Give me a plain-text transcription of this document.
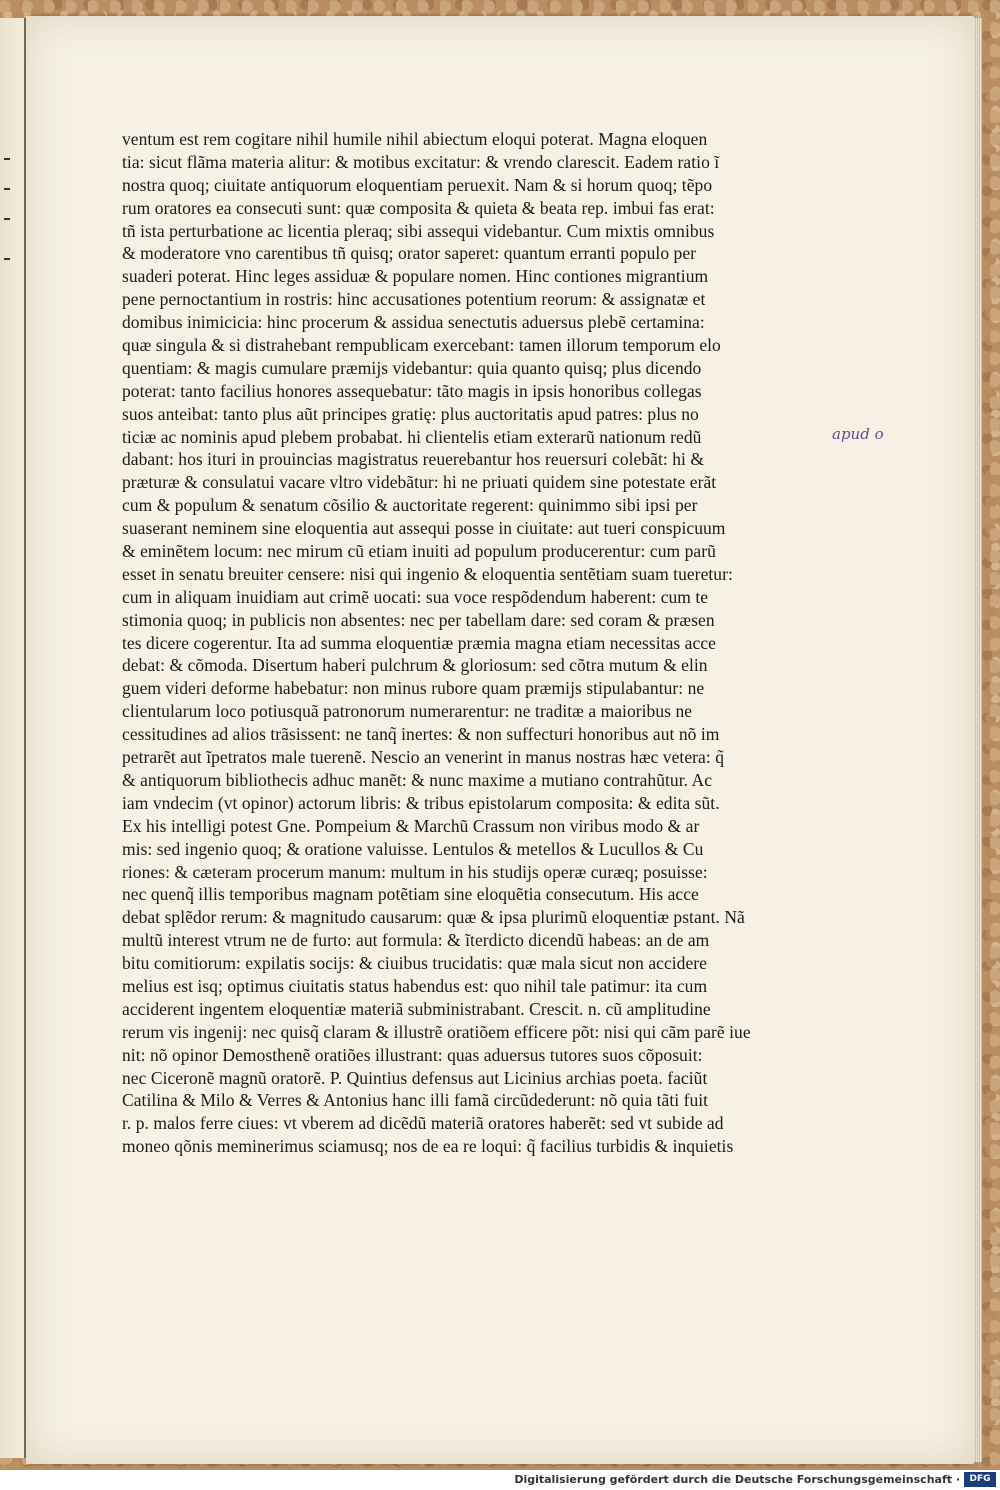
ventum est rem cogitare nihil humile nihil abiectum eloqui poterat. Magna eloquen
tia: sicut flãma materia alitur: & motibus excitatur: & vrendo clarescit. Eadem ratio ĩ
nostra quoq; ciuitate antiquorum eloquentiam peruexit. Nam & si horum quoq; tẽpo
rum oratores ea consecuti sunt: quæ composita & quieta & beata rep. imbui fas erat:
tñ ista perturbatione ac licentia pleraq; sibi assequi videbantur. Cum mixtis omnibus
& moderatore vno carentibus tñ quisq; orator saperet: quantum erranti populo per
suaderi poterat. Hinc leges assiduæ & populare nomen. Hinc contiones migrantium
pene pernoctantium in rostris: hinc accusationes potentium reorum: & assignatæ et
domibus inimicicia: hinc procerum & assidua senectutis aduersus plebẽ certamina:
quæ singula & si distrahebant rempublicam exercebant: tamen illorum temporum elo
quentiam: & magis cumulare præmijs videbantur: quia quanto quisq; plus dicendo
poterat: tanto facilius honores assequebatur: tãto magis in ipsis honoribus collegas
suos anteibat: tanto plus aũt principes gratię: plus auctoritatis apud patres: plus no
ticiæ ac nominis apud plebem probabat. hi clientelis etiam exterarũ nationum redũ
dabant: hos ituri in prouincias magistratus reuerebantur hos reuersuri colebãt: hi &
præturæ & consulatui vacare vltro videbãtur: hi ne priuati quidem sine potestate erãt
cum & populum & senatum cõsilio & auctoritate regerent: quinimmo sibi ipsi per
suaserant neminem sine eloquentia aut assequi posse in ciuitate: aut tueri conspicuum
& eminẽtem locum: nec mirum cũ etiam inuiti ad populum producerentur: cum parũ
esset in senatu breuiter censere: nisi qui ingenio & eloquentia sentẽtiam suam tueretur:
cum in aliquam inuidiam aut crimẽ uocati: sua voce respõdendum haberent: cum te
stimonia quoq; in publicis non absentes: nec per tabellam dare: sed coram & præsen
tes dicere cogerentur. Ita ad summa eloquentiæ præmia magna etiam necessitas acce
debat: & cõmoda. Disertum haberi pulchrum & gloriosum: sed cõtra mutum & elin
guem videri deforme habebatur: non minus rubore quam præmijs stipulabantur: ne
clientularum loco potiusquã patronorum numerarentur: ne traditæ a maioribus ne
cessitudines ad alios trãsissent: ne tanq̃ inertes: & non suffecturi honoribus aut nõ im
petrarẽt aut ĩpetratos male tuerenẽ. Nescio an venerint in manus nostras hæc vetera: q̃
& antiquorum bibliothecis adhuc manẽt: & nunc maxime a mutiano contrahũtur. Ac
iam vndecim (vt opinor) actorum libris: & tribus epistolarum composita: & edita sũt.
Ex his intelligi potest Gne. Pompeium & Marchũ Crassum non viribus modo & ar
mis: sed ingenio quoq; & oratione valuisse. Lentulos & metellos & Lucullos & Cu
riones: & cæteram procerum manum: multum in his studijs operæ curæq; posuisse:
nec quenq̃ illis temporibus magnam potẽtiam sine eloquẽtia consecutum. His acce
debat splẽdor rerum: & magnitudo causarum: quæ & ipsa plurimũ eloquentiæ pstant. Nã
multũ interest vtrum ne de furto: aut formula: & ĩterdicto dicendũ habeas: an de am
bitu comitiorum: expilatis socijs: & ciuibus trucidatis: quæ mala sicut non accidere
melius est isq; optimus ciuitatis status habendus est: quo nihil tale patimur: ita cum
acciderent ingentem eloquentiæ materiã subministrabant. Crescit. n. cũ amplitudine
rerum vis ingenij: nec quisq̃ claram & illustrẽ oratiõem efficere põt: nisi qui cãm parẽ iue
nit: nõ opinor Demosthenẽ oratiões illustrant: quas aduersus tutores suos cõposuit:
nec Ciceronẽ magnũ oratorẽ. P. Quintius defensus aut Licinius archias poeta. faciũt
Catilina & Milo & Verres & Antonius hanc illi famã circũdederunt: nõ quia tãti fuit
r. p. malos ferre ciues: vt vberem ad dicẽdũ materiã oratores haberẽt: sed vt subide ad
moneo qõnis meminerimus sciamusq; nos de ea re loqui: q̃ facilius turbidis & inquietis
apud o
Digitalisierung gefördert durch die Deutsche Forschungsgemeinschaft ·	DFG
